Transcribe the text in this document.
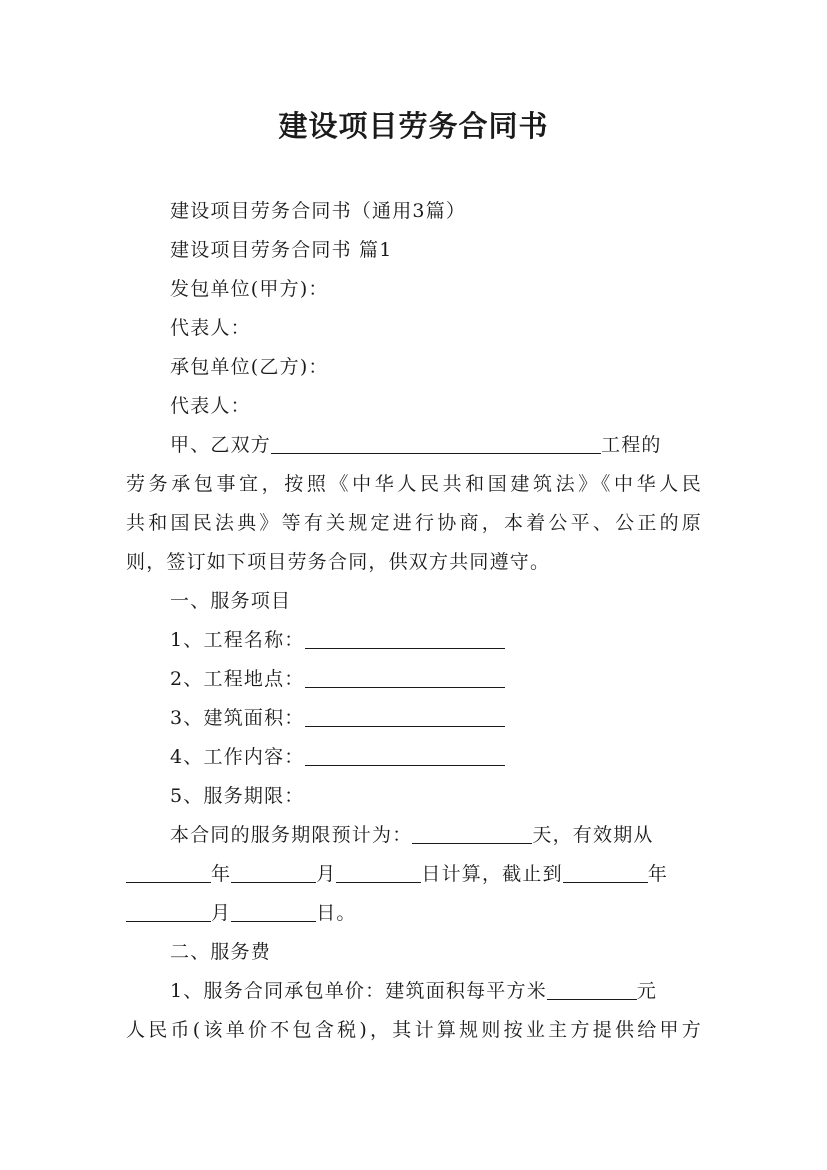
建设项目劳务合同书
建设项目劳务合同书（通用3篇）
建设项目劳务合同书 篇1
发包单位(甲方)：
代表人：
承包单位(乙方)：
代表人：
甲、乙双方	工程的
劳务承包事宜，按照《中华人民共和国建筑法》《中华人民
共和国民法典》等有关规定进行协商，本着公平、公正的原
则，签订如下项目劳务合同，供双方共同遵守。
一、服务项目
1、工程名称：
2、工程地点：
3、建筑面积：
4、工作内容：
5、服务期限：
本合同的服务期限预计为：	天，有效期从
年	月	日计算，截止到	年
月	日。
二、服务费
1、服务合同承包单价：建筑面积每平方米	元
人民币(该单价不包含税)，其计算规则按业主方提供给甲方
